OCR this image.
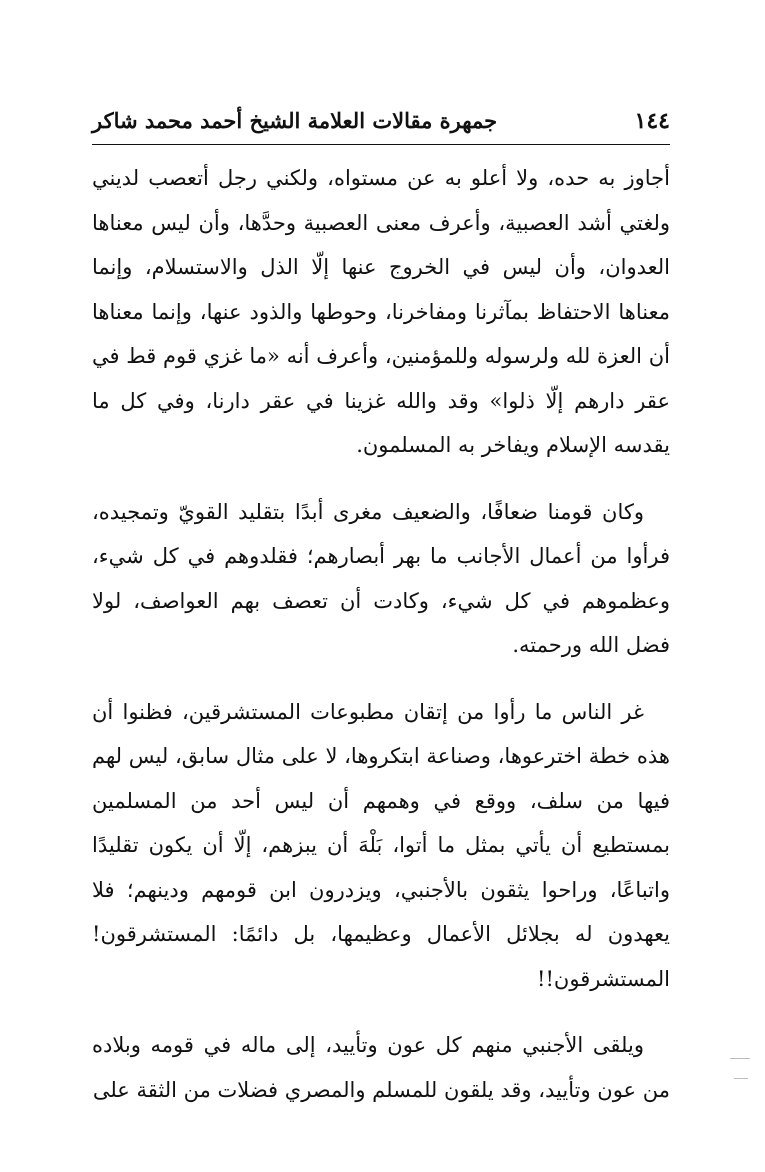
١٤٤
جمهرة مقالات العلامة الشيخ أحمد محمد شاكر

أجاوز به حده، ولا أعلو به عن مستواه، ولكني رجل أتعصب لديني ولغتي أشد العصبية، وأعرف معنى العصبية وحدَّها، وأن ليس معناها العدوان، وأن ليس في الخروج عنها إلّا الذل والاستسلام، وإنما معناها الاحتفاظ بمآثرنا ومفاخرنا، وحوطها والذود عنها، وإنما معناها أن العزة لله ولرسوله وللمؤمنين، وأعرف أنه «ما غزي قوم قط في عقر دارهم إلّا ذلوا» وقد والله غزينا في عقر دارنا، وفي كل ما يقدسه الإسلام ويفاخر به المسلمون.

وكان قومنا ضعافًا، والضعيف مغرى أبدًا بتقليد القويّ وتمجيده، فرأوا من أعمال الأجانب ما بهر أبصارهم؛ فقلدوهم في كل شيء، وعظموهم في كل شيء، وكادت أن تعصف بهم العواصف، لولا فضل الله ورحمته.

غر الناس ما رأوا من إتقان مطبوعات المستشرقين، فظنوا أن هذه خطة اخترعوها، وصناعة ابتكروها، لا على مثال سابق، ليس لهم فيها من سلف، ووقع في وهمهم أن ليس أحد من المسلمين بمستطيع أن يأتي بمثل ما أتوا، بَلْهَ أن يبزهم، إلّا أن يكون تقليدًا واتباعًا، وراحوا يثقون بالأجنبي، ويزدرون ابن قومهم ودينهم؛ فلا يعهدون له بجلائل الأعمال وعظيمها، بل دائمًا: المستشرقون! المستشرقون!!

ويلقى الأجنبي منهم كل عون وتأييد، إلى ماله في قومه وبلاده من عون وتأييد، وقد يلقون للمسلم والمصري فضلات من الثقة على
